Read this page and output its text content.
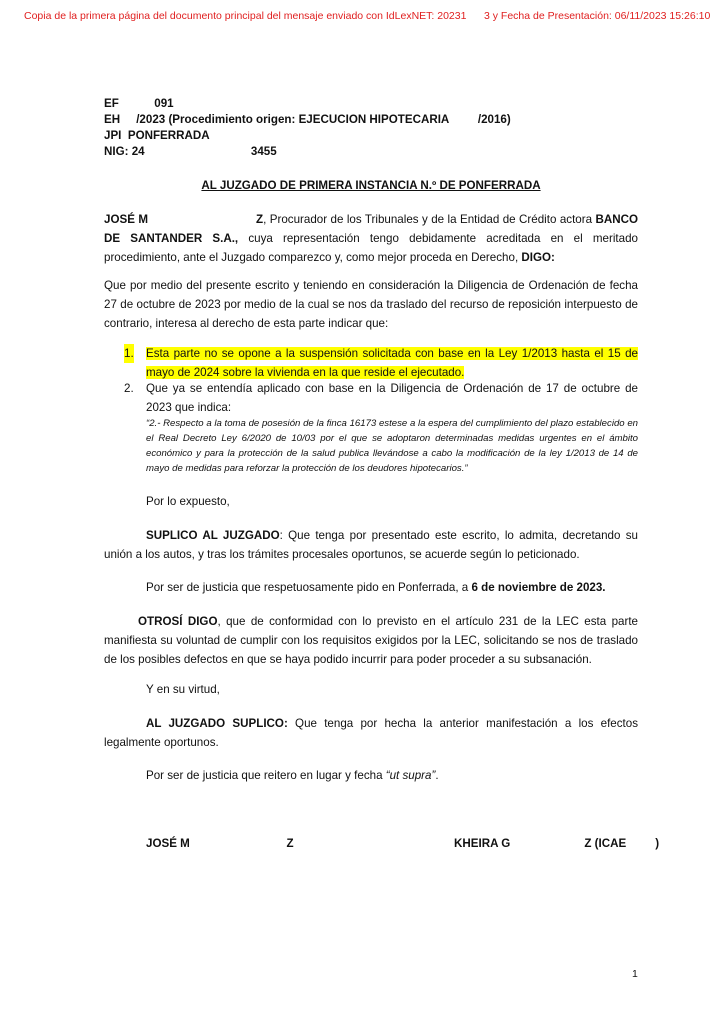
Copia de la primera página del documento principal del mensaje enviado con IdLexNET: 20231 3 y Fecha de Presentación: 06/11/2023 15:26:10
EF           091
EH     /2023 (Procedimiento origen: EJECUCION HIPOTECARIA         /2016)
JPI  PONFERRADA
NIG: 24                                 3455
AL JUZGADO DE PRIMERA INSTANCIA N.º DE PONFERRADA
JOSÉ M	Z, Procurador de los Tribunales y de la Entidad de Crédito actora BANCO DE SANTANDER S.A., cuya representación tengo debidamente acreditada en el meritado procedimiento, ante el Juzgado comparezco y, como mejor proceda en Derecho, DIGO:
Que por medio del presente escrito y teniendo en consideración la Diligencia de Ordenación de fecha 27 de octubre de 2023 por medio de la cual se nos da traslado del recurso de reposición interpuesto de contrario, interesa al derecho de esta parte indicar que:
1. Esta parte no se opone a la suspensión solicitada con base en la Ley 1/2013 hasta el 15 de mayo de 2024 sobre la vivienda en la que reside el ejecutado.
2. Que ya se entendía aplicado con base en la Diligencia de Ordenación de 17 de octubre de 2023 que indica:
“2.- Respecto a la toma de posesión de la finca 16173 estese a la espera del cumplimiento del plazo establecido en el Real Decreto Ley 6/2020 de 10/03 por el que se adoptaron determinadas medidas urgentes en el ámbito económico y para la protección de la salud publica llevándose a cabo la modificación de la ley 1/2013 de 14 de mayo de medidas para reforzar la protección de los deudores hipotecarios.”
Por lo expuesto,
SUPLICO AL JUZGADO: Que tenga por presentado este escrito, lo admita, decretando su unión a los autos, y tras los trámites procesales oportunos, se acuerde según lo peticionado.
Por ser de justicia que respetuosamente pido en Ponferrada, a 6 de noviembre de 2023.
OTROSÍ DIGO, que de conformidad con lo previsto en el artículo 231 de la LEC esta parte manifiesta su voluntad de cumplir con los requisitos exigidos por la LEC, solicitando se nos de traslado de los posibles defectos en que se haya podido incurrir para poder proceder a su subsanación.
Y en su virtud,
AL JUZGADO SUPLICO: Que tenga por hecha la anterior manifestación a los efectos legalmente oportunos.
Por ser de justicia que reitero en lugar y fecha “ut supra”.
JOSÉ M                              Z	KHEIRA G                       Z (ICAE         )
1
